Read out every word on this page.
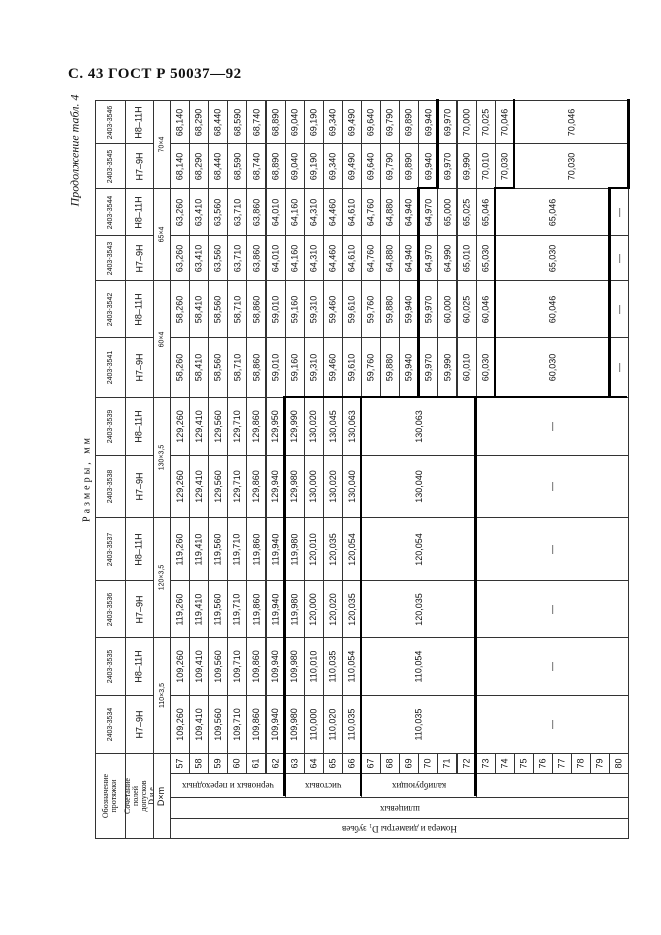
С. 43 ГОСТ Р 50037—92
Продолжение табл. 4
Размеры, мм
2403-3534 H7–9H	109,260 109,410 109,560 109,710 109,860 109,940 109,980 110,000 110,020 110,035	110,035	—
2403-3535 H8–11H	109,260 109,410 109,560 109,710 109,860 109,940 109,980 110,010 110,035 110,054	110,054	—
2403-3536 H7–9H	119,260 119,410 119,560 119,710 119,860 119,940 119,980 120,000 120,020 120,035	120,035	—
2403-3537 H8–11H	119,260 119,410 119,560 119,710 119,860 119,940 119,980 120,010 120,035 120,054	120,054	—
2403-3538 H7–9H	129,260 129,410 129,560 129,710 129,860 129,940 129,980 130,000 130,020 130,040	130,040	—
2403-3539 H8–11H	129,260 129,410 129,560 129,710 129,860 129,950 129,990 130,020 130,045 130,063	130,063	—
2403-3541 H7–9H	58,260 58,410 58,560 58,710 58,860 59,010 59,160 59,310 59,460 59,610 59,760 59,880 59,940 59,970 59,990 60,010 60,030	60,030	—
2403-3542 H8–11H	58,260 58,410 58,560 58,710 58,860 59,010 59,160 59,310 59,460 59,610 59,760 59,880 59,940 59,970 60,000 60,025 60,046	60,046	—
2403-3543 H7–9H	63,260 63,410 63,560 63,710 63,860 64,010 64,160 64,310 64,460 64,610 64,760 64,880 64,940 64,970 64,990 65,010 65,030	65,030	—
2403-3544 H8–11H	63,260 63,410 63,560 63,710 63,860 64,010 64,160 64,310 64,460 64,610 64,760 64,880 64,940 64,970 65,000 65,025 65,046	65,046	—
2403-3545 H7–9H	68,140 68,290 68,440 68,590 68,740 68,890 69,040 69,190 69,340 69,490 69,640 69,790 69,890 69,940 69,970 69,990 70,010 70,030	70,030
2403-3546 H8–11H	68,140 68,290 68,440 68,590 68,740 68,890 69,040 69,190 69,340 69,490 69,640 69,790 69,890 69,940 69,970 70,000 70,025 70,046	70,046
110×3,5
120×3,5
130×3,5
60×4
65×4
70×4
Обозначение протяжки Сочетание полей допусков D и e D×m
57 58 59 60 61 62 63 64 65 66 67 68 69 70 71 72 73 74 75 76 77 78 79 80
черновых и переходных	чистовых	калибрующих
шлицевых
Номера и диаметры D₁ зубьев
